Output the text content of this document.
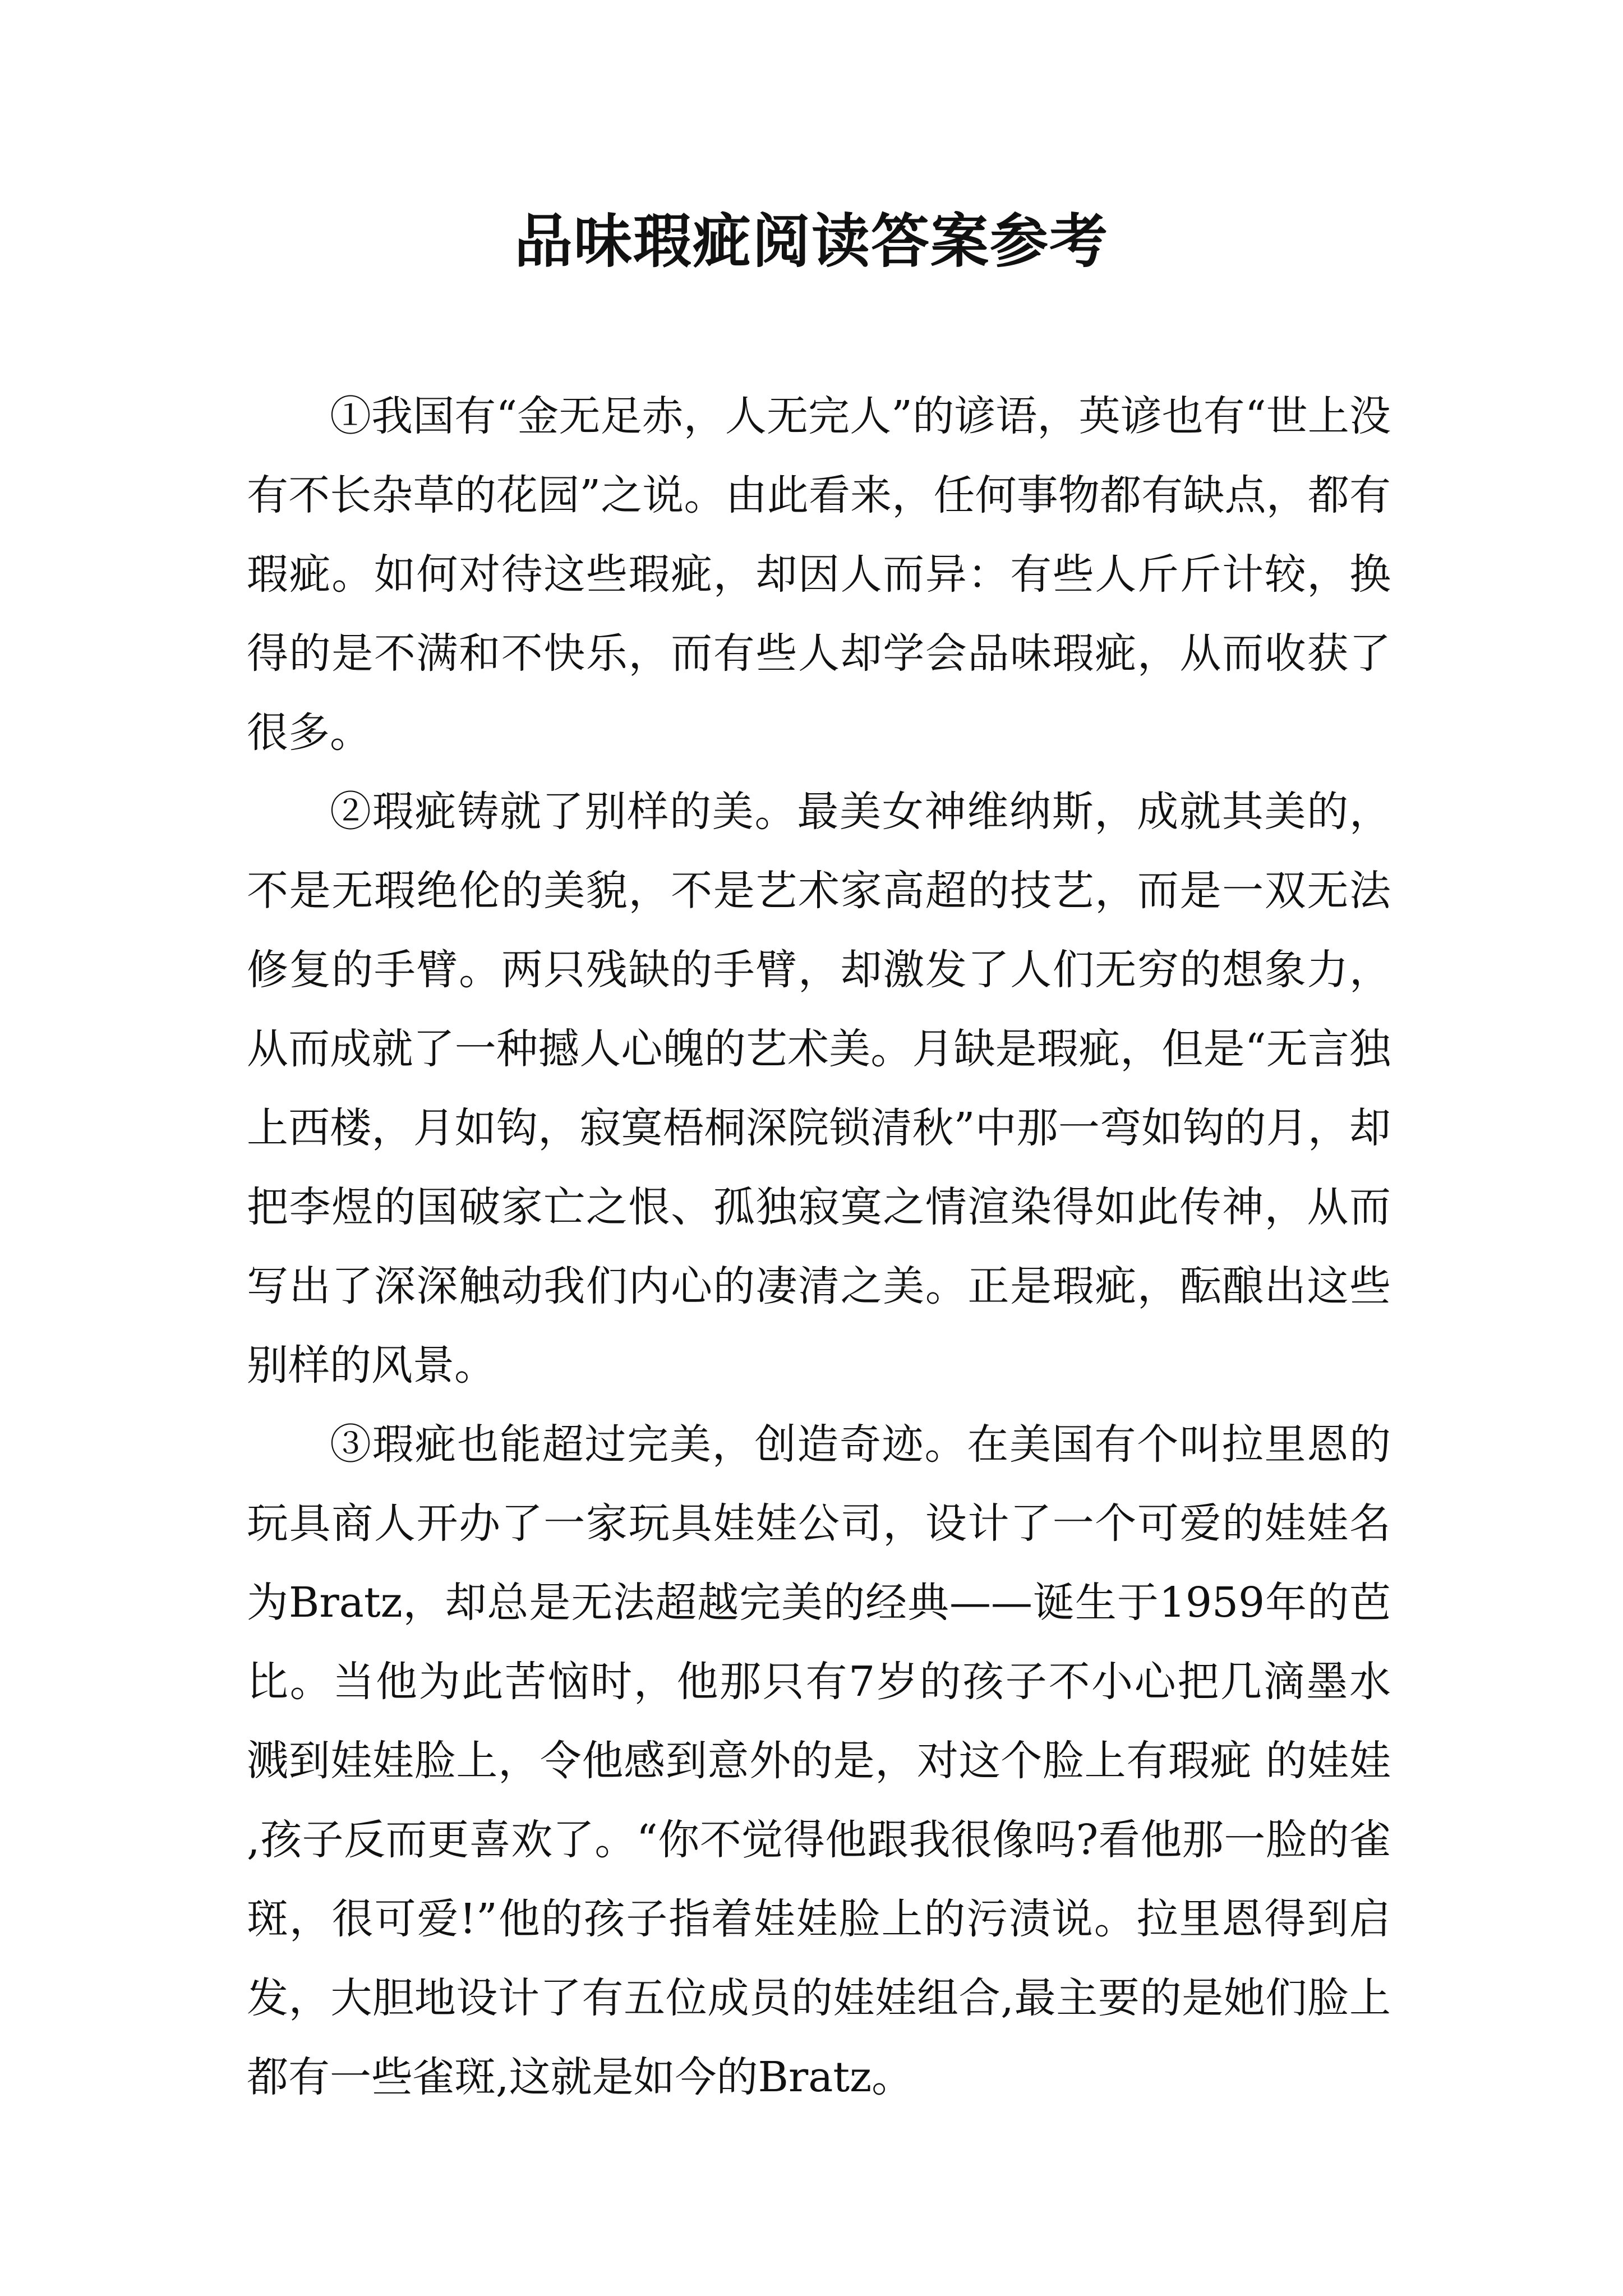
品味瑕疵阅读答案参考

①我国有“金无足赤，人无完人”的谚语，英谚也有“世上没有不长杂草的花园”之说。由此看来，任何事物都有缺点，都有瑕疵。如何对待这些瑕疵，却因人而异：有些人斤斤计较，换得的是不满和不快乐，而有些人却学会品味瑕疵，从而收获了很多。

②瑕疵铸就了别样的美。最美女神维纳斯，成就其美的，不是无瑕绝伦的美貌，不是艺术家高超的技艺，而是一双无法修复的手臂。两只残缺的手臂，却激发了人们无穷的想象力，从而成就了一种撼人心魄的艺术美。月缺是瑕疵，但是“无言独上西楼，月如钩，寂寞梧桐深院锁清秋”中那一弯如钩的月，却把李煜的国破家亡之恨、孤独寂寞之情渲染得如此传神，从而写出了深深触动我们内心的凄清之美。正是瑕疵，酝酿出这些别样的风景。

③瑕疵也能超过完美，创造奇迹。在美国有个叫拉里恩的玩具商人开办了一家玩具娃娃公司，设计了一个可爱的娃娃名为Bratz，却总是无法超越完美的经典——诞生于1959年的芭比。当他为此苦恼时，他那只有7岁的孩子不小心把几滴墨水溅到娃娃脸上，令他感到意外的是，对这个脸上有瑕疵 的娃娃,孩子反而更喜欢了。“你不觉得他跟我很像吗?看他那一脸的雀斑，很可爱!”他的孩子指着娃娃脸上的污渍说。拉里恩得到启发，大胆地设计了有五位成员的娃娃组合,最主要的是她们脸上都有一些雀斑,这就是如今的Bratz。
